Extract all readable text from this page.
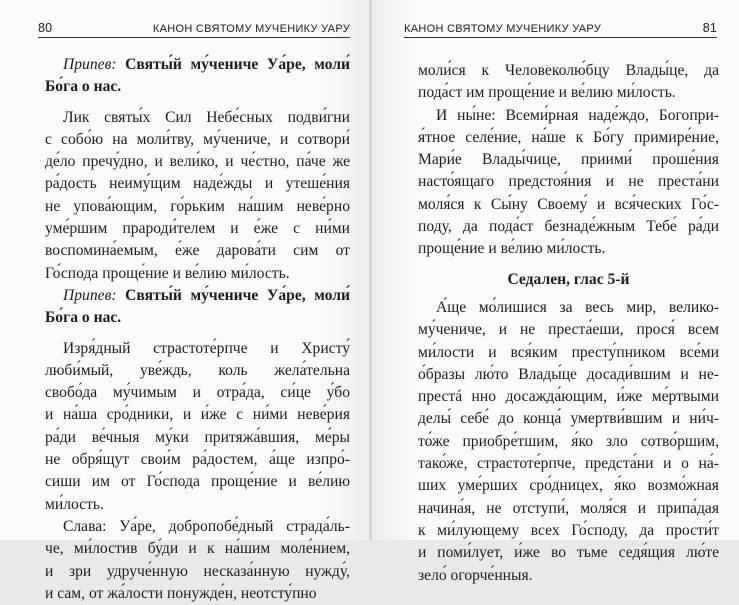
80	КАНОН СВЯТОМУ МУЧЕНИКУ УАРУ
Припев: Святы́й му́чениче Уа́ре, моли́
Бо́га о нас.
Лик святы́х Сил Небе́сных подви́гни
с собо́ю на моли́тву, му́чениче, и сотвори́
де́ло пречу́дно, и вели́ко, и че́стно, па́че же
ра́дость неиму́щим наде́жды и утеше́ния
не упова́ющим, го́рьким на́шим неве́рно
уме́ршим прароди́телем и е́же с ни́ми
воспомина́емым, е́же дарова́ти сим от
Го́спода проще́ние и ве́лию ми́лость.
Припев: Святы́й му́чениче Уа́ре, моли́
Бо́га о нас.
Изря́дный страстоте́рпче и Христу́
люби́мый, уве́ждь, коль жела́тельна
свобо́да му́чимым и отра́да, си́це у́бо
и на́ша сро́дники, и и́же с ни́ми неве́рия
ра́ди ве́чныя му́ки притяжа́вшия, ме́ры
не обря́щут свои́м ра́достем, а́ще изпро́-
сиши им от Го́спода проще́ние и ве́лию
ми́лость.
Слава: Уа́ре, добропобе́дный страда́ль-
че, ми́лостив бу́ди и к на́шим моле́нием,
и зри удруче́нную несказа́нную нужду́,
и сам, от жа́лости понужде́н, неотсту́пно
КАНОН СВЯТОМУ МУЧЕНИКУ УАРУ	81
моли́ся к Человеколю́бцу Влады́це, да
пода́ст им проще́ние и ве́лию ми́лость.
И ны́не: Всеми́рная наде́ждо, Богопри-
я́тное селе́ние, на́ше к Бо́гу примире́ние,
Мари́е Влады́чице, приими́ проше́ния
насто́ящаго предстоя́ния и не преста́ни
моля́ся к Сы́ну Своему́ и вся́ческих Го́с-
поду, да пода́ст безнаде́жным Тебе́ ра́ди
проще́ние и ве́лию ми́лость.
Седален, глас 5-й
А́ще мо́лишися за весь мир, велико-
му́чениче, и не преста́еши, прося́ всем
ми́лости и вся́ким престу́пником все́ми
о́бразы лю́то Влады́це досади́вшим и не-
престá нно досажда́ющим, и́же ме́ртвыми
делы́ себе́ до конца́ умертви́вшим и ни́ч-
то́же приобре́тшим, я́ко зло сотво́ршим,
тако́же, страстоте́рпче, предста́ни и о на́-
ших уме́рших сро́дницех, я́ко возмо́жная
начина́я, не отступи́, моля́ся и припа́дая
к ми́лующему всех Го́споду, да прости́т
и поми́лует, и́же во тьме седя́щия лю́те
зело́ огорче́нныя.
